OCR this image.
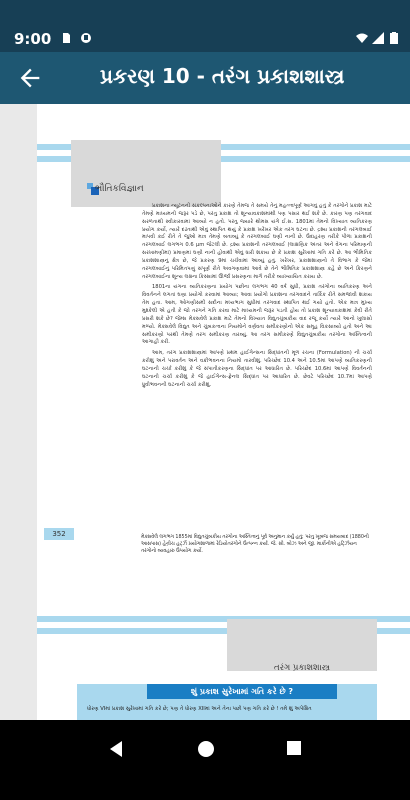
9:00
પ્રકરણ 10 - તરંગ પ્રકાશશાસ્ત્ર
ભૌતિકવિજ્ઞાન

પ્રકાશના ન્યૂટનની સંકલ્પનાઓને કારણે તેમજ તે સમયે તેનું મહત્ત્વપૂર્ણ આગવું હતું કે તરંગોને પ્રકાશ માટે તેમણે માધ્યમની જરૂર પડે છે, પરંતુ પ્રકાશ તો શૂન્યાવકાશમાંથી પણ પસાર થઈ શકે છે. કારણ પણ તરંગવાદ સરળતાથી સ્વીકારવામાં આવ્યો ન હતો. પરંતુ જ્યારે થોમસ યંગે ઈ.સ. 1801માં તેમનો વિખ્યાત વ્યતિકરણ પ્રયોગ કર્યો, ત્યારે દઢતાથી એવું સ્થાપિત થયું કે પ્રકાશ ખરેખર એક તરંગ ઘટના છે. દ્રશ્ય પ્રકાશની તરંગલંબાઈ માપવી કઈ રીતે તે જુઓ માત્ર તેમણે બતાવ્યું કે તરંગલંબાઈ ઘણી નાની છે. ઉદાહરણ તરીકે પીળા પ્રકાશની તરંગલંબાઈ લગભગ 0.6 μm જેટલી છે. દ્રશ્ય પ્રકાશની તરંગલંબાઈ (લાક્ષણિક અંતર અને વેગના પરિમાણની સરખામણીમાં) પ્રમાણમાં ઘણી નાની હોવાથી એવું ધારી શકાય છે કે પ્રકાશ સુરેખામાં ગતિ કરે છે. આ ભૌમિતિક પ્રકાશશાસ્ત્રનું ક્ષેત્ર છે, જે પ્રકરણ 9માં ચર્ચવામાં આવ્યું હતું. ખરેખર, પ્રકાશશાસ્ત્રનો તે વિભાગ કે જેમાં તરંગલંબાઈનું પરિમિતપણું સંપૂર્ણ રીતે અવગણવામાં આવે છે તેને ભૌમિતિક પ્રકાશશાસ્ત્ર કહે છે અને કિરણને તરંગલંબાઈના શૂન્ય લક્ષના કિસ્સામાં ઊર્જા પ્રસરણના માર્ગ તરીકે વ્યાખ્યાયિત કરાય છે.

1801ના યંગના વ્યતિકરણના પ્રયોગ પછીના લગભગ 40 વર્ષ સુધી, પ્રકાશ તરંગોના વ્યતિકરણ અને વિવર્તનને લગતાં ઘણા પ્રયોગો કરવામાં આવ્યા; આવા પ્રયોગો પ્રકાશના તરંગવાદને તાર્કિક રીતે સમજાવી શકાય તેમ હતા. આમ, ઓગણીસમી સદીના મધ્યભાગ સુધીમાં તરંગવાદ સ્થાપિત થઈ ગયો હતો. એક માત્ર મુખ્ય મુશ્કેલી એ હતી કે જો તરંગને ગતિ કરવા માટે માધ્યમની જરૂર પડતી હોય તો પ્રકાશ શૂન્યાવકાશમાં કેવી રીતે પ્રસરી શકે છે? જેમ્સ મેક્સવેલે પ્રકાશ માટે તેમનો વિખ્યાત વિદ્યુતચુંબકીય વાદ રજૂ કર્યો ત્યારે આનો ખુલાસો મળ્યો. મેક્સવેલે વિદ્યુત અને ચુંબકત્વના નિયમોને વર્ણવતા સમીકરણોનો એક સમૂહ વિકસાવ્યો હતો અને આ સમીકરણો પરથી તેમણે તરંગ સમીકરણ તારવ્યું. આ તરંગ સમીકરણે વિદ્યુતચુંબકીય તરંગોના અસ્તિત્વની આગાહી કરી.

આમ, તરંગ પ્રકાશશાસ્ત્રમાં આપણે પ્રથમ હાઈગેન્સના સિદ્ધાંતની મૂળ રચના (Formulation) ની ચર્ચા કરીશું અને પરાવર્તન અને વક્રીભવનના નિયમો તારવીશું. પરિચ્છેદ 10.4 અને 10.5માં આપણે વ્યતિકરણની ઘટનાની ચર્ચા કરીશું કે જે સંપાતીકરણના સિદ્ધાંત પર આધારિત છે. પરિચ્છેદ 10.6માં આપણે વિવર્તનની ઘટનાની ચર્ચા કરીશું કે જે હાઈગેન્સ-ફ્રેનલ સિદ્ધાંત પર આધારિત છે. છેવટે પરિચ્છેદ 10.7માં આપણે ધ્રુવીભવનની ઘટનાની ચર્ચા કરીશું.

મેક્સવેલે લગભગ 1855માં વિદ્યુતચુંબકીય તરંગોના અસ્તિત્વનું પૂર્વ અનુમાન કર્યું હતું; પરંતુ ખૂબજ સમયબાદ (1880ની આસપાસ) હેન્રીચ હર્ટ્ઝે પ્રયોગશાળામાં રેડિયોતરંગોને ઉત્પન્ન કર્યા. જે. સી. બોઝ અને જી. માર્કોનીએ હર્ટ્ઝિયન તરંગોનો વ્યવહારુ ઉપયોગ કર્યો.
352
તરંગ પ્રકાશશાસ્ત્ર
શું પ્રકાશ સુરેખામાં ગતિ કરે છે ?
ધોરણ VIમાં પ્રકાશ સુરેખામાં ગતિ કરે છે; પણ તે ધોરણ XIIમાં અને તેના પછી પણ ગતિ કરે છે ! તમે શું અપેક્ષિત
